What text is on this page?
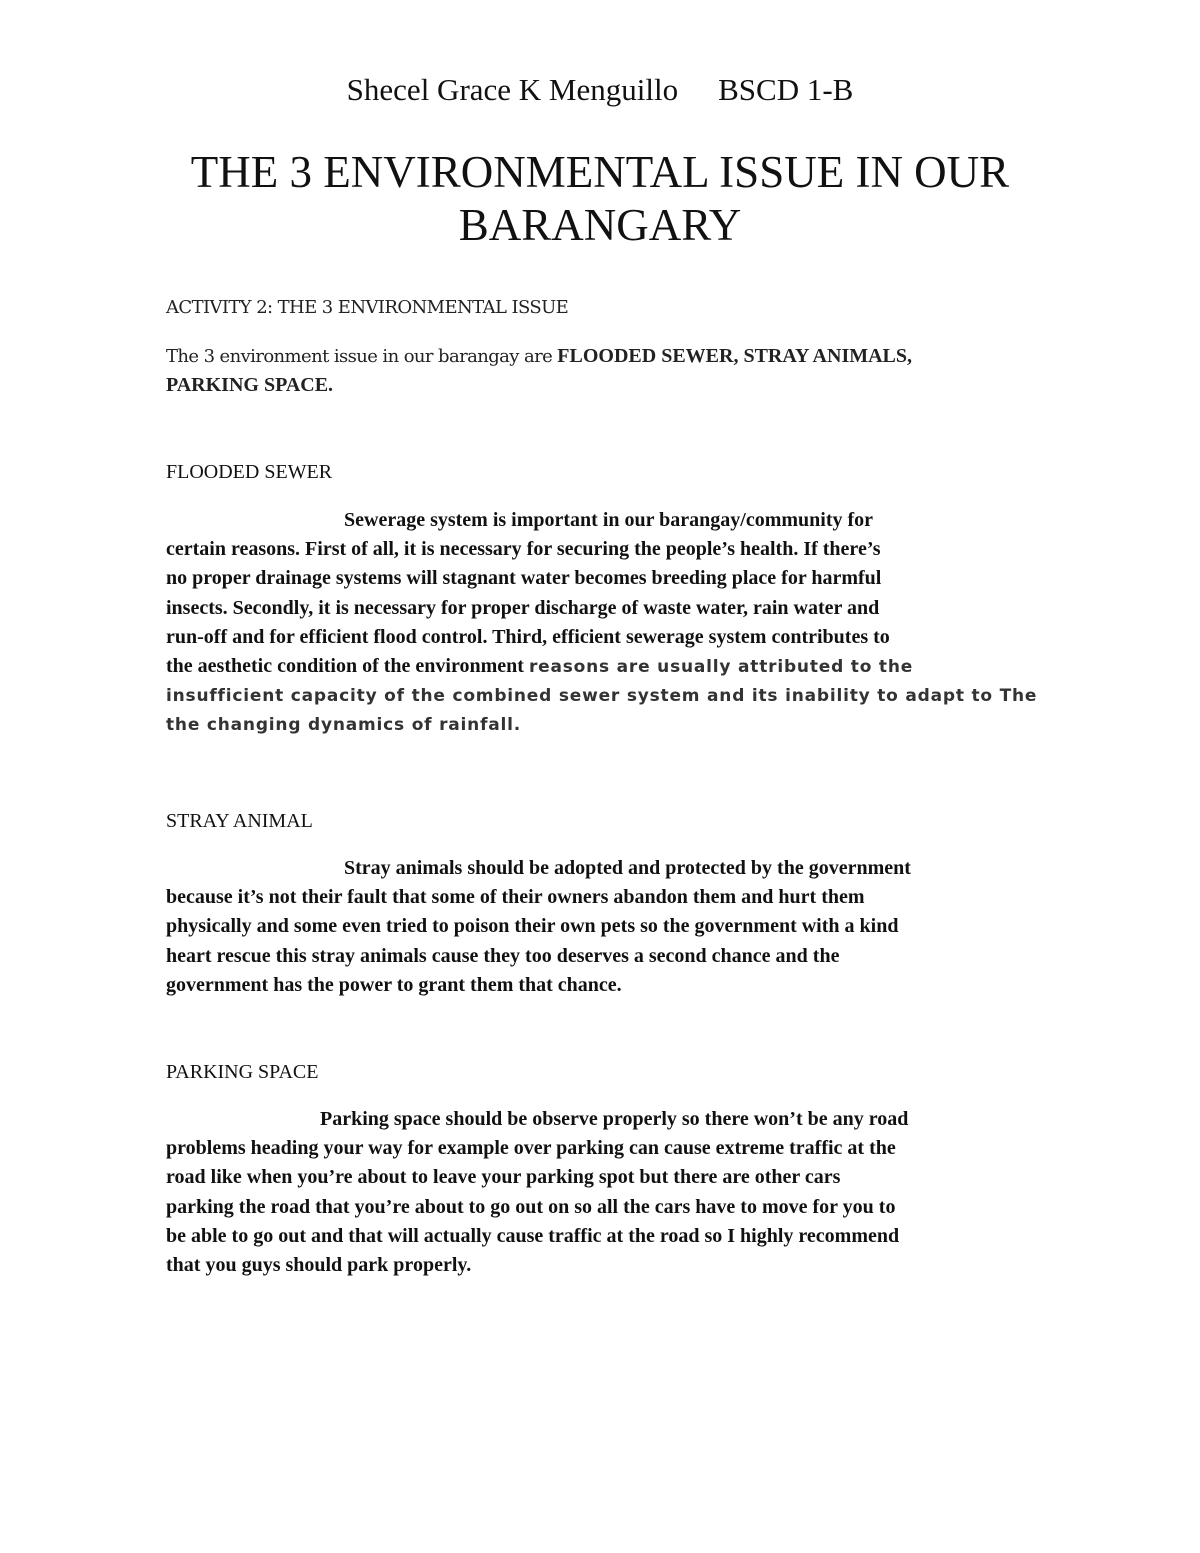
Shecel Grace K Menguillo BSCD 1-B
THE 3 ENVIRONMENTAL ISSUE IN OUR
BARANGARY
ACTIVITY 2: THE 3 ENVIRONMENTAL ISSUE
The 3 environment issue in our barangay are FLOODED SEWER, STRAY ANIMALS,
PARKING SPACE.
FLOODED SEWER
Sewerage system is important in our barangay/community for
certain reasons. First of all, it is necessary for securing the people’s health. If there’s
no proper drainage systems will stagnant water becomes breeding place for harmful
insects. Secondly, it is necessary for proper discharge of waste water, rain water and
run-off and for efficient flood control. Third, efficient sewerage system contributes to
the aesthetic condition of the environment reasons are usually attributed to the
insufficient capacity of the combined sewer system and its inability to adapt to The
the changing dynamics of rainfall.
STRAY ANIMAL
Stray animals should be adopted and protected by the government
because it’s not their fault that some of their owners abandon them and hurt them
physically and some even tried to poison their own pets so the government with a kind
heart rescue this stray animals cause they too deserves a second chance and the
government has the power to grant them that chance.
PARKING SPACE
Parking space should be observe properly so there won’t be any road
problems heading your way for example over parking can cause extreme traffic at the
road like when you’re about to leave your parking spot but there are other cars
parking the road that you’re about to go out on so all the cars have to move for you to
be able to go out and that will actually cause traffic at the road so I highly recommend
that you guys should park properly.
